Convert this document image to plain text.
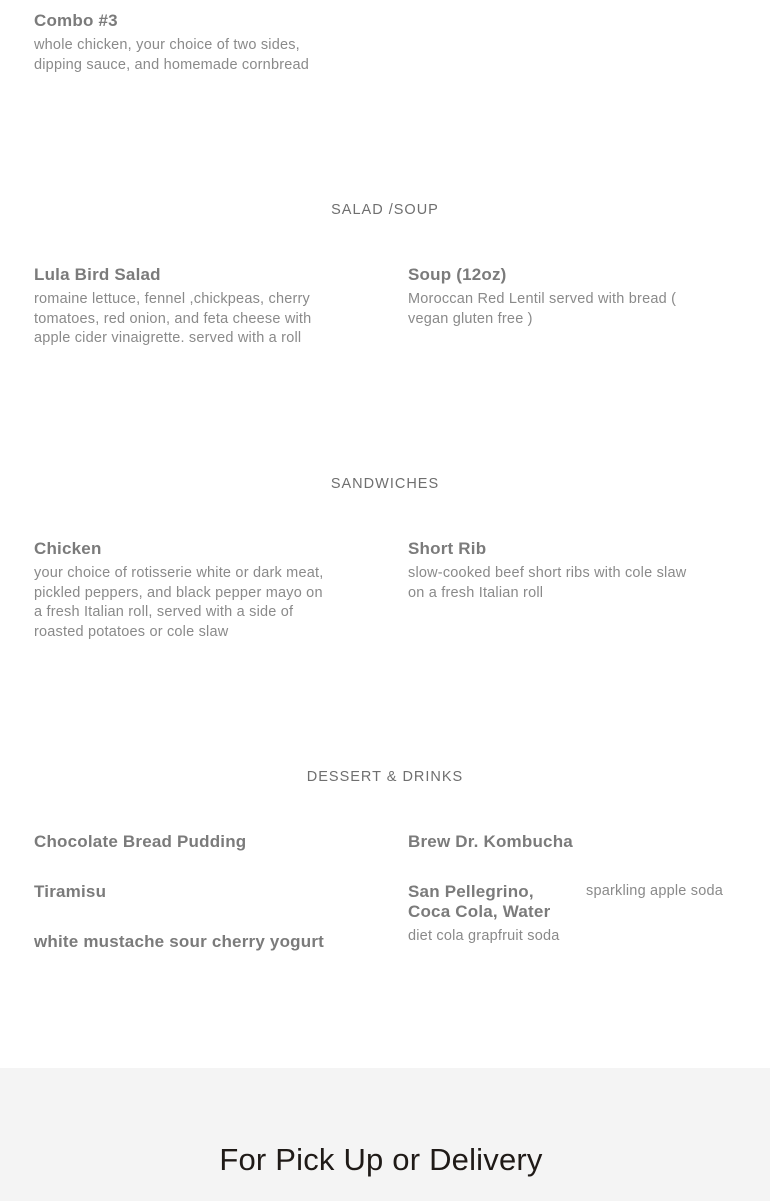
Combo #3

whole chicken, your choice of two sides, dipping sauce, and homemade cornbread

SALAD /SOUP

Lula Bird Salad

romaine lettuce, fennel ,chickpeas, cherry tomatoes, red onion, and feta cheese with apple cider vinaigrette. served with a roll

Soup (12oz)

Moroccan Red Lentil served with bread ( vegan gluten free )

SANDWICHES

Chicken

your choice of rotisserie white or dark meat, pickled peppers, and black pepper mayo on a fresh Italian roll, served with a side of roasted potatoes or cole slaw

Short Rib

slow-cooked beef short ribs with cole slaw on a fresh Italian roll

DESSERT & DRINKS

Chocolate Bread Pudding

Tiramisu

white mustache sour cherry yogurt

Brew Dr. Kombucha

San Pellegrino, Coca Cola, Water

diet cola grapfruit soda

sparkling apple soda

For Pick Up or Delivery
